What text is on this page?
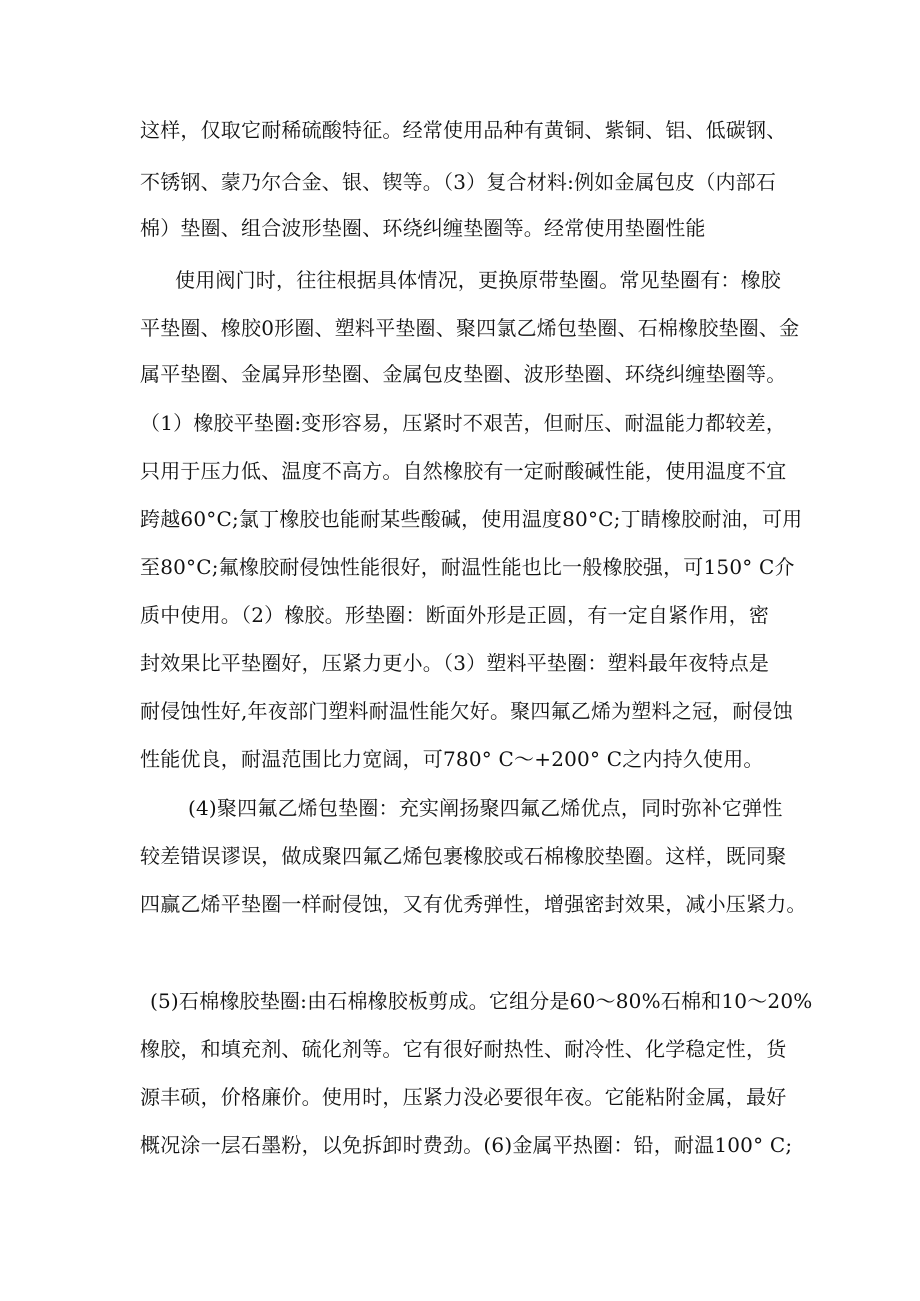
这样，仅取它耐稀硫酸特征。经常使用品种有黄铜、紫铜、铝、低碳钢、
不锈钢、蒙乃尔合金、银、锲等。（3）复合材料:例如金属包皮（内部石
棉）垫圈、组合波形垫圈、环绕纠缠垫圈等。经常使用垫圈性能
使用阀门时，往往根据具体情况，更换原带垫圈。常见垫圈有：橡胶
平垫圈、橡胶0形圈、塑料平垫圈、聚四氯乙烯包垫圈、石棉橡胶垫圈、金
属平垫圈、金属异形垫圈、金属包皮垫圈、波形垫圈、环绕纠缠垫圈等。
（1）橡胶平垫圈:变形容易，压紧时不艰苦，但耐压、耐温能力都较差，
只用于压力低、温度不高方。自然橡胶有一定耐酸碱性能，使用温度不宜
跨越60°C;氯丁橡胶也能耐某些酸碱，使用温度80°C;丁睛橡胶耐油，可用
至80°C;氟橡胶耐侵蚀性能很好，耐温性能也比一般橡胶强，可150° C介
质中使用。（2）橡胶。形垫圈：断面外形是正圆，有一定自紧作用，密
封效果比平垫圈好，压紧力更小。（3）塑料平垫圈：塑料最年夜特点是
耐侵蚀性好,年夜部门塑料耐温性能欠好。聚四氟乙烯为塑料之冠，耐侵蚀
性能优良，耐温范围比力宽阔，可780° C～+200° C之内持久使用。
(4)聚四氟乙烯包垫圈：充实阐扬聚四氟乙烯优点，同时弥补它弹性
较差错误谬误，做成聚四氟乙烯包裹橡胶或石棉橡胶垫圈。这样，既同聚
四赢乙烯平垫圈一样耐侵蚀，又有优秀弹性，增强密封效果，减小压紧力。
(5)石棉橡胶垫圈:由石棉橡胶板剪成。它组分是60～80%石棉和10～20%
橡胶，和填充剂、硫化剂等。它有很好耐热性、耐冷性、化学稳定性，货
源丰硕，价格廉价。使用时，压紧力没必要很年夜。它能粘附金属，最好
概况涂一层石墨粉，以免拆卸时费劲。(6)金属平热圈：铅，耐温100° C;
